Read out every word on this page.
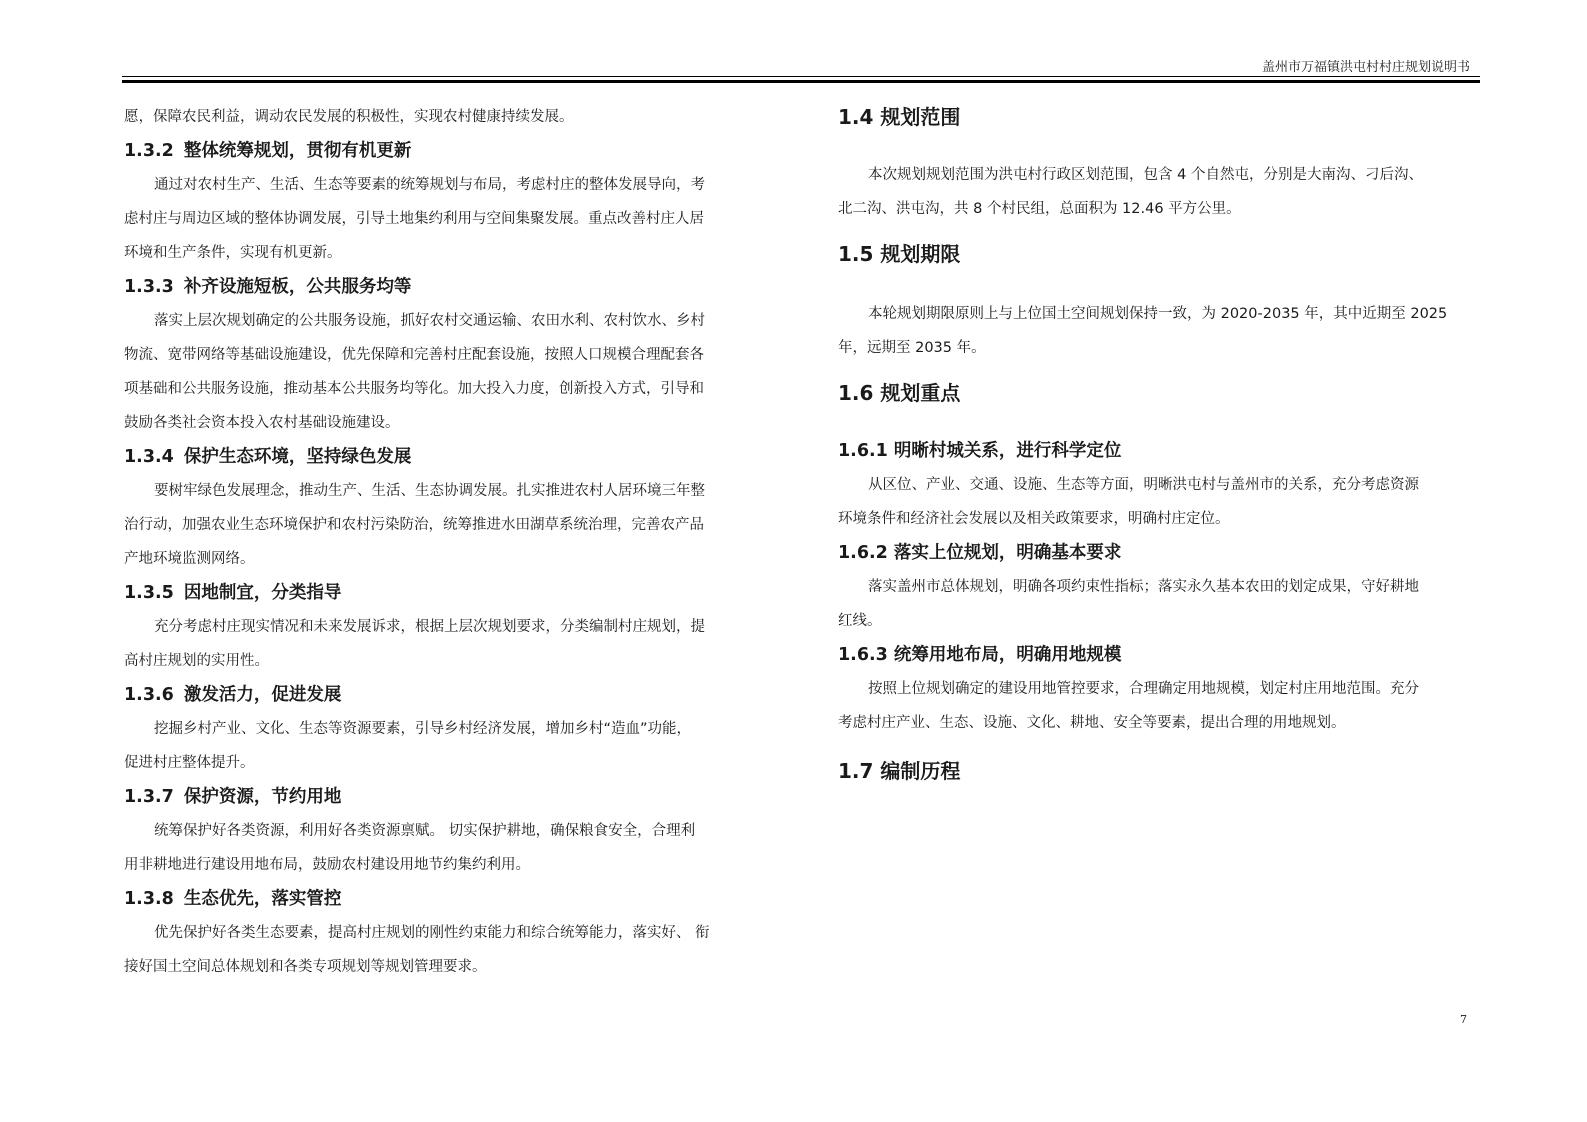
盖州市万福镇洪屯村村庄规划说明书
愿，保障农民利益，调动农民发展的积极性，实现农村健康持续发展。
1.3.2 整体统筹规划，贯彻有机更新
通过对农村生产、生活、生态等要素的统筹规划与布局，考虑村庄的整体发展导向，考
虑村庄与周边区域的整体协调发展，引导土地集约利用与空间集聚发展。重点改善村庄人居
环境和生产条件，实现有机更新。
1.3.3 补齐设施短板，公共服务均等
落实上层次规划确定的公共服务设施，抓好农村交通运输、农田水利、农村饮水、乡村
物流、宽带网络等基础设施建设，优先保障和完善村庄配套设施，按照人口规模合理配套各
项基础和公共服务设施，推动基本公共服务均等化。加大投入力度，创新投入方式，引导和
鼓励各类社会资本投入农村基础设施建设。
1.3.4 保护生态环境，坚持绿色发展
要树牢绿色发展理念，推动生产、生活、生态协调发展。扎实推进农村人居环境三年整
治行动，加强农业生态环境保护和农村污染防治，统筹推进水田湖草系统治理，完善农产品
产地环境监测网络。
1.3.5 因地制宜，分类指导
充分考虑村庄现实情况和未来发展诉求，根据上层次规划要求，分类编制村庄规划，提
高村庄规划的实用性。
1.3.6 激发活力，促进发展
挖掘乡村产业、文化、生态等资源要素，引导乡村经济发展，增加乡村“造血”功能，
促进村庄整体提升。
1.3.7 保护资源，节约用地
统筹保护好各类资源，利用好各类资源禀赋。 切实保护耕地，确保粮食安全，合理利
用非耕地进行建设用地布局，鼓励农村建设用地节约集约利用。
1.3.8 生态优先，落实管控
优先保护好各类生态要素，提高村庄规划的刚性约束能力和综合统筹能力，落实好、 衔
接好国土空间总体规划和各类专项规划等规划管理要求。
1.4 规划范围
本次规划规划范围为洪屯村行政区划范围，包含 4 个自然屯，分别是大南沟、刁后沟、
北二沟、洪屯沟，共 8 个村民组，总面积为 12.46 平方公里。
1.5 规划期限
本轮规划期限原则上与上位国土空间规划保持一致，为 2020-2035 年，其中近期至 2025
年，远期至 2035 年。
1.6 规划重点
1.6.1 明晰村城关系，进行科学定位
从区位、产业、交通、设施、生态等方面，明晰洪屯村与盖州市的关系，充分考虑资源
环境条件和经济社会发展以及相关政策要求，明确村庄定位。
1.6.2 落实上位规划，明确基本要求
落实盖州市总体规划，明确各项约束性指标；落实永久基本农田的划定成果，守好耕地
红线。
1.6.3 统筹用地布局，明确用地规模
按照上位规划确定的建设用地管控要求，合理确定用地规模，划定村庄用地范围。充分
考虑村庄产业、生态、设施、文化、耕地、安全等要素，提出合理的用地规划。
1.7 编制历程
7
